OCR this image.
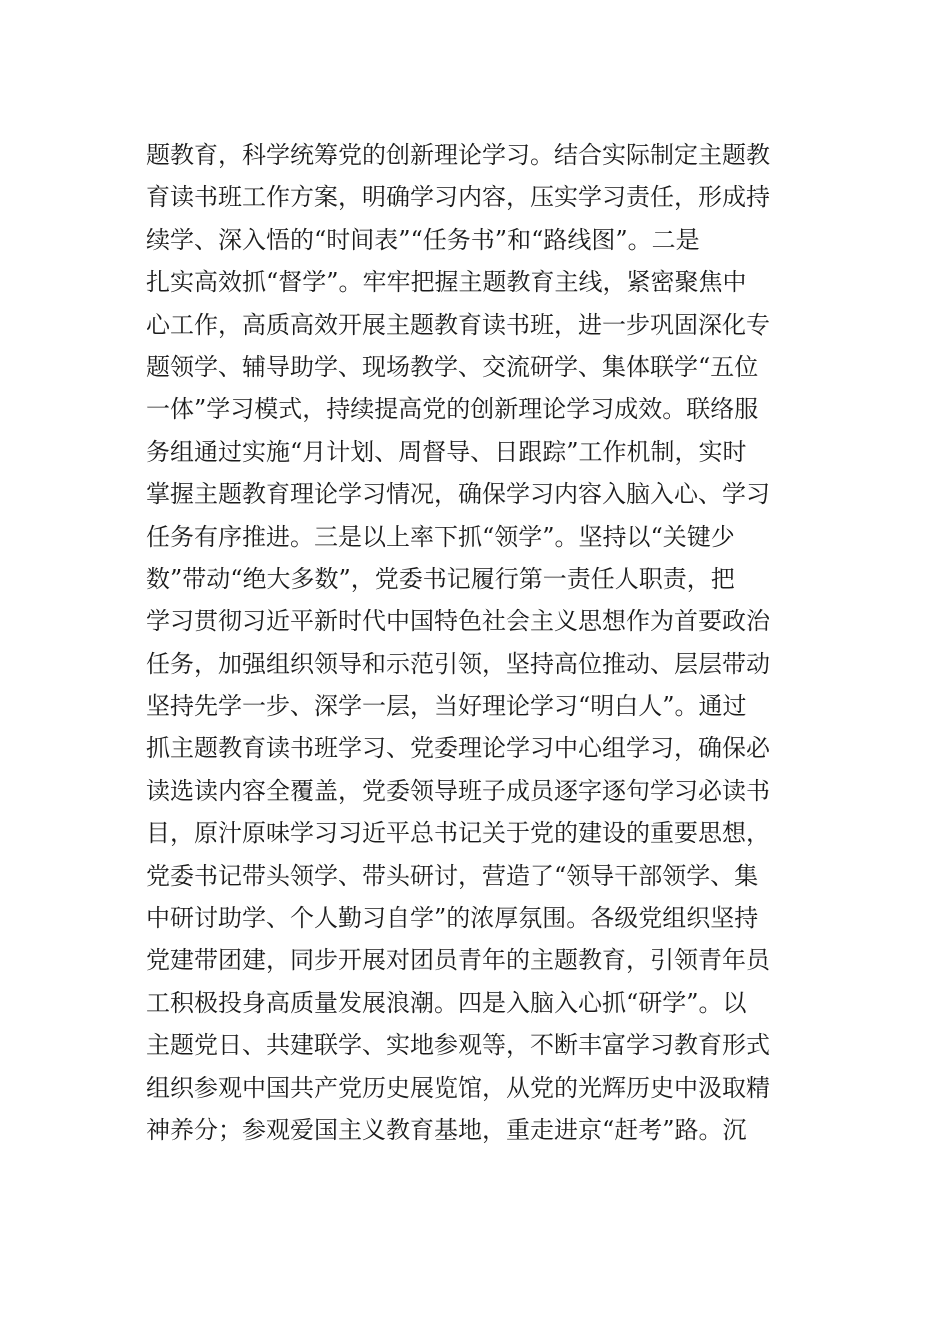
题教育，科学统筹党的创新理论学习。结合实际制定主题教
育读书班工作方案，明确学习内容，压实学习责任，形成持
续学、深入悟的“时间表”“任务书”和“路线图”。二是
扎实高效抓“督学”。牢牢把握主题教育主线，紧密聚焦中
心工作，高质高效开展主题教育读书班，进一步巩固深化专
题领学、辅导助学、现场教学、交流研学、集体联学“五位
一体”学习模式，持续提高党的创新理论学习成效。联络服
务组通过实施“月计划、周督导、日跟踪”工作机制，实时
掌握主题教育理论学习情况，确保学习内容入脑入心、学习
任务有序推进。三是以上率下抓“领学”。坚持以“关键少
数”带动“绝大多数”，党委书记履行第一责任人职责，把
学习贯彻习近平新时代中国特色社会主义思想作为首要政治
任务，加强组织领导和示范引领，坚持高位推动、层层带动
坚持先学一步、深学一层，当好理论学习“明白人”。通过
抓主题教育读书班学习、党委理论学习中心组学习，确保必
读选读内容全覆盖，党委领导班子成员逐字逐句学习必读书
目，原汁原味学习习近平总书记关于党的建设的重要思想，
党委书记带头领学、带头研讨，营造了“领导干部领学、集
中研讨助学、个人勤习自学”的浓厚氛围。各级党组织坚持
党建带团建，同步开展对团员青年的主题教育，引领青年员
工积极投身高质量发展浪潮。四是入脑入心抓“研学”。以
主题党日、共建联学、实地参观等，不断丰富学习教育形式
组织参观中国共产党历史展览馆，从党的光辉历史中汲取精
神养分；参观爱国主义教育基地，重走进京“赶考”路。沉
